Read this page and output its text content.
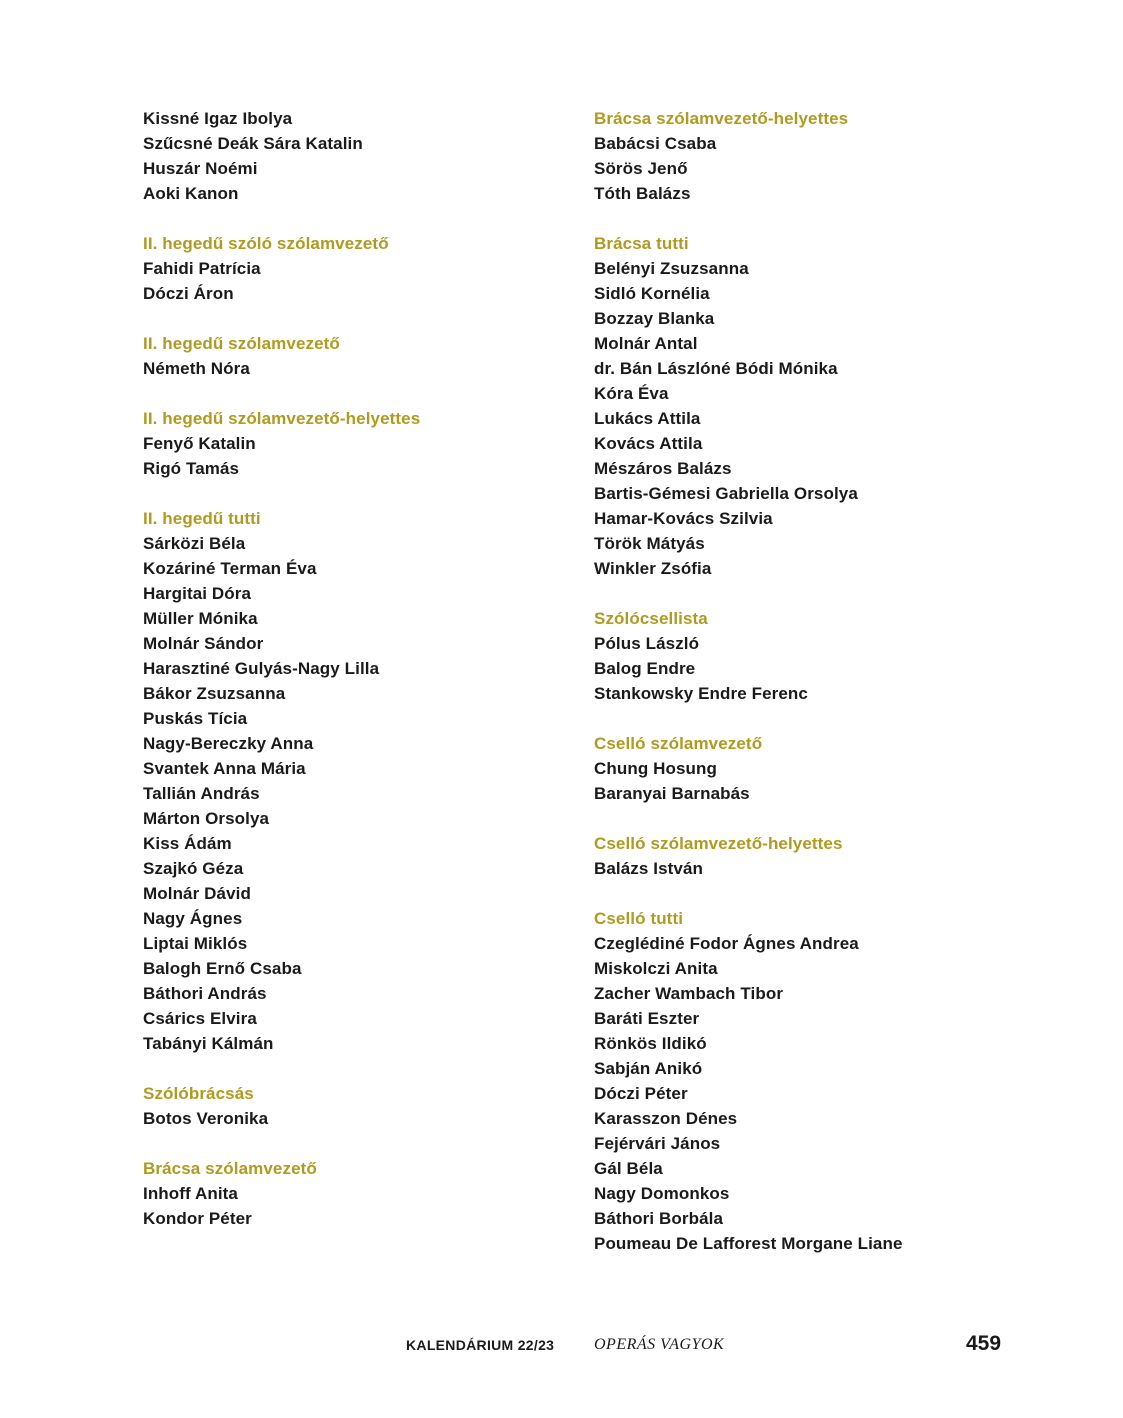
Kissné Igaz Ibolya
Szűcsné Deák Sára Katalin
Huszár Noémi
Aoki Kanon
II. hegedű szóló szólamvezető
Fahidi Patrícia
Dóczi Áron
II. hegedű szólamvezető
Németh Nóra
II. hegedű szólamvezető-helyettes
Fenyő Katalin
Rigó Tamás
II. hegedű tutti
Sárközi Béla
Kozáriné Terman Éva
Hargitai Dóra
Müller Mónika
Molnár Sándor
Harasztiné Gulyás-Nagy Lilla
Bákor Zsuzsanna
Puskás Tícia
Nagy-Bereczky Anna
Svantek Anna Mária
Tallián András
Márton Orsolya
Kiss Ádám
Szajkó Géza
Molnár Dávid
Nagy Ágnes
Liptai Miklós
Balogh Ernő Csaba
Báthori András
Csárics Elvira
Tabányi Kálmán
Szólóbrácsás
Botos Veronika
Brácsa szólamvezető
Inhoff Anita
Kondor Péter
Brácsa szólamvezető-helyettes
Babácsi Csaba
Sörös Jenő
Tóth Balázs
Brácsa tutti
Belényi Zsuzsanna
Sidló Kornélia
Bozzay Blanka
Molnár Antal
dr. Bán Lászlóné Bódi Mónika
Kóra Éva
Lukács Attila
Kovács Attila
Mészáros Balázs
Bartis-Gémesi Gabriella Orsolya
Hamar-Kovács Szilvia
Török Mátyás
Winkler Zsófia
Szólócsellista
Pólus László
Balog Endre
Stankowsky Endre Ferenc
Cselló szólamvezető
Chung Hosung
Baranyai Barnabás
Cselló szólamvezető-helyettes
Balázs István
Cselló tutti
Czeglédiné Fodor Ágnes Andrea
Miskolczi Anita
Zacher Wambach Tibor
Baráti Eszter
Rönkös Ildikó
Sabján Anikó
Dóczi Péter
Karasszon Dénes
Fejérvári János
Gál Béla
Nagy Domonkos
Báthori Borbála
Poumeau De Lafforest Morgane Liane
KALENDÁRIUM 22/23 OPERÁS VAGYOK	459
